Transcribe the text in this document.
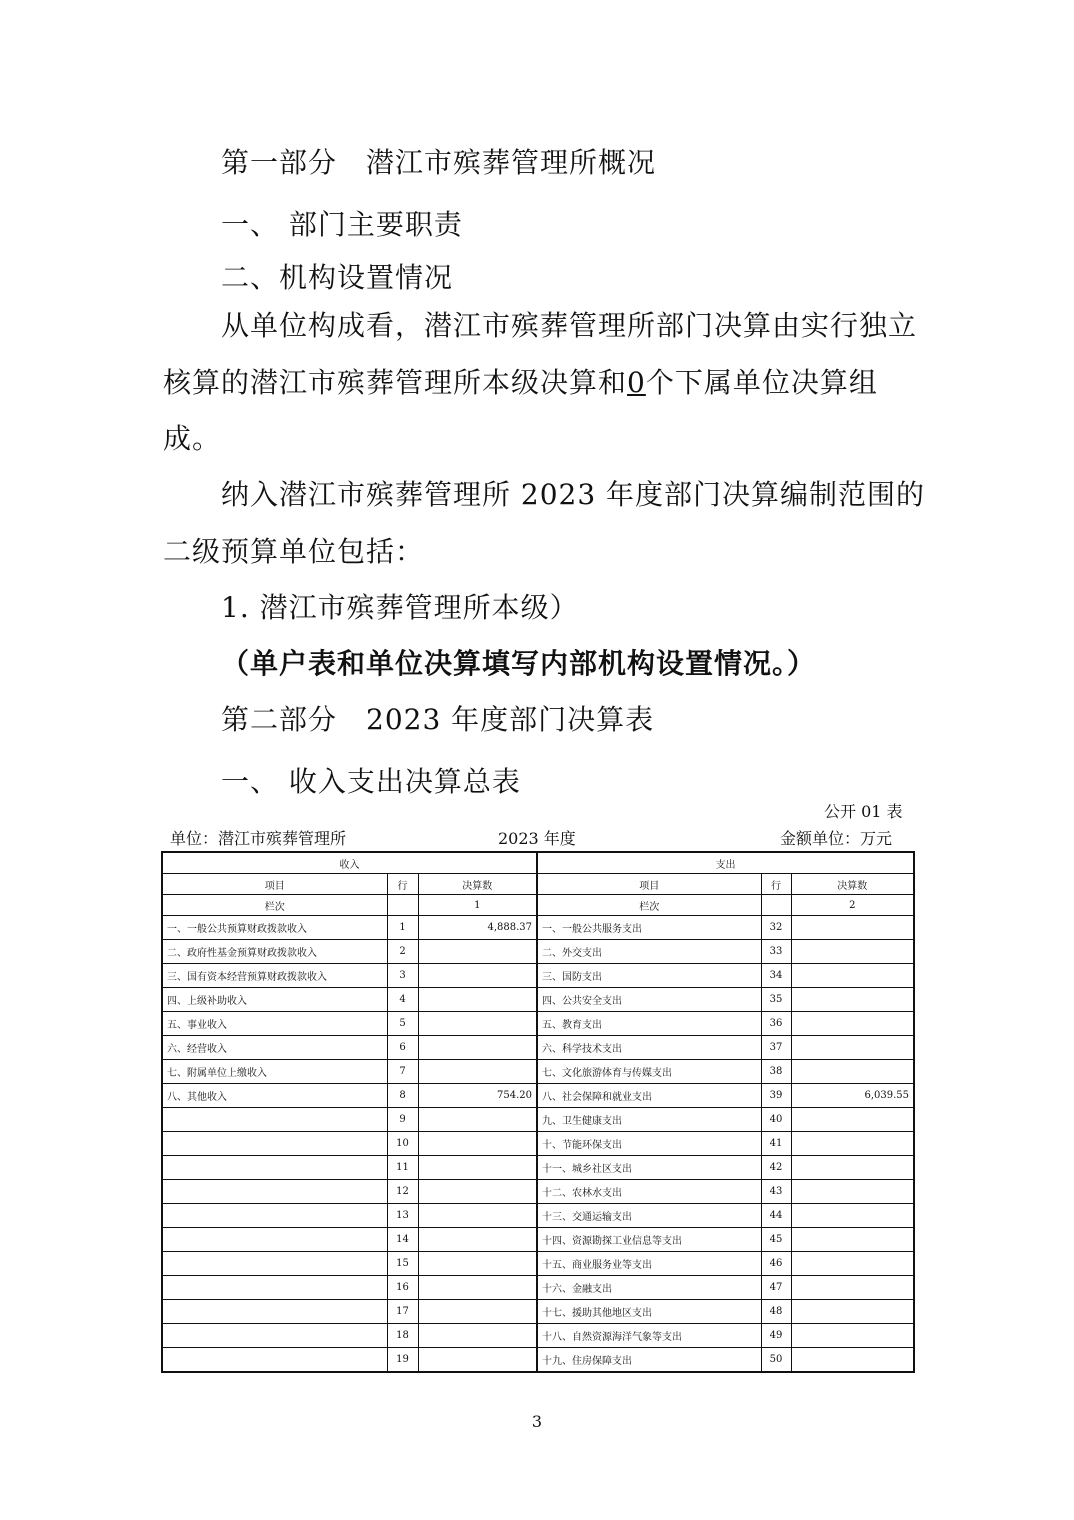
第一部分　潜江市殡葬管理所概况
一、 部门主要职责
二、机构设置情况
从单位构成看，潜江市殡葬管理所部门决算由实行独立
核算的潜江市殡葬管理所本级决算和0个下属单位决算组
成。
纳入潜江市殡葬管理所 2023 年度部门决算编制范围的
二级预算单位包括：
1. 潜江市殡葬管理所本级）
（单户表和单位决算填写内部机构设置情况。）
第二部分　2023 年度部门决算表
一、 收入支出决算总表
公开 01 表
单位：潜江市殡葬管理所	2023 年度	金额单位：万元
收入			支出		
项目	行	决算数	项目	行	决算数
栏次		1	栏次		2
一、一般公共预算财政拨款收入	1	4,888.37	一、一般公共服务支出	32	
二、政府性基金预算财政拨款收入	2		二、外交支出	33	
三、国有资本经营预算财政拨款收入	3		三、国防支出	34	
四、上级补助收入	4		四、公共安全支出	35	
五、事业收入	5		五、教育支出	36	
六、经营收入	6		六、科学技术支出	37	
七、附属单位上缴收入	7		七、文化旅游体育与传媒支出	38	
八、其他收入	8	754.20	八、社会保障和就业支出	39	6,039.55
	9		九、卫生健康支出	40	
	10		十、节能环保支出	41	
	11		十一、城乡社区支出	42	
	12		十二、农林水支出	43	
	13		十三、交通运输支出	44	
	14		十四、资源勘探工业信息等支出	45	
	15		十五、商业服务业等支出	46	
	16		十六、金融支出	47	
	17		十七、援助其他地区支出	48	
	18		十八、自然资源海洋气象等支出	49	
	19		十九、住房保障支出	50	
3
